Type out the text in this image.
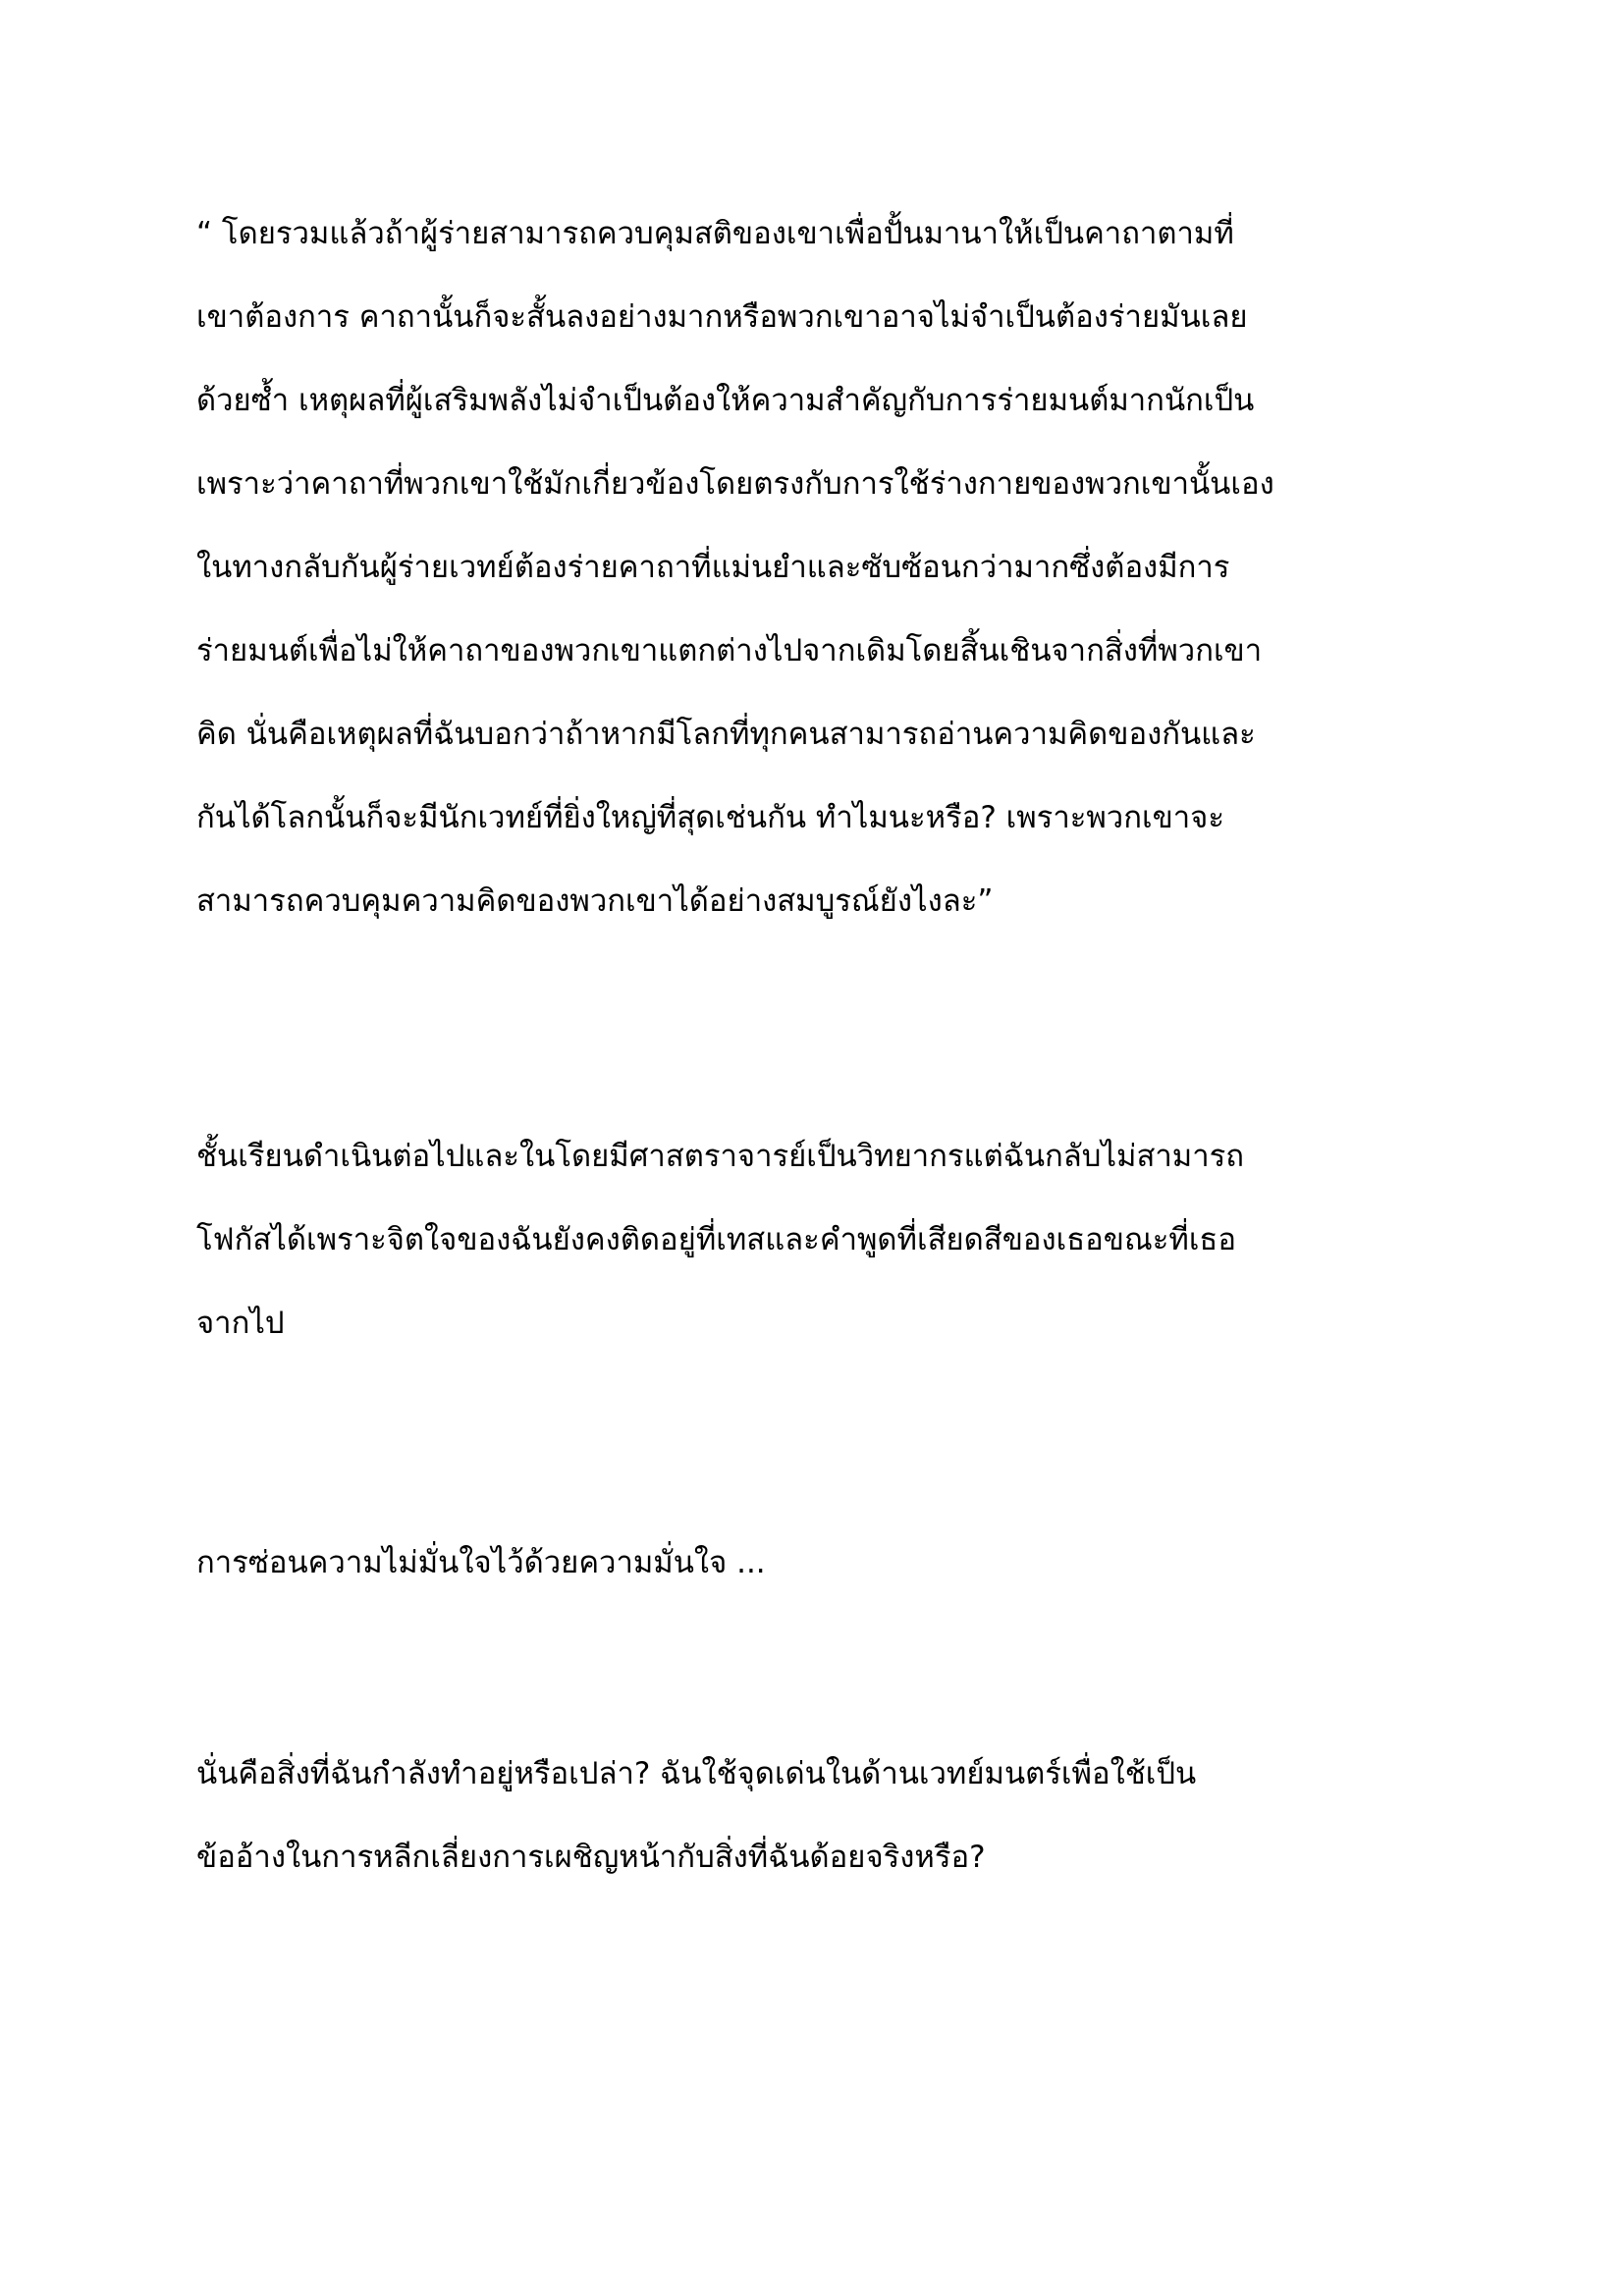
“ โดยรวมแล้วถ้าผู้ร่ายสามารถควบคุมสติของเขาเพื่อปั้นมานาให้เป็นคาถาตามที่
เขาต้องการ คาถานั้นก็จะสั้นลงอย่างมากหรือพวกเขาอาจไม่จำเป็นต้องร่ายมันเลย
ด้วยซ้ำ เหตุผลที่ผู้เสริมพลังไม่จำเป็นต้องให้ความสำคัญกับการร่ายมนต์มากนักเป็น
เพราะว่าคาถาที่พวกเขาใช้มักเกี่ยวข้องโดยตรงกับการใช้ร่างกายของพวกเขานั้นเอง
ในทางกลับกันผู้ร่ายเวทย์ต้องร่ายคาถาที่แม่นยำและซับซ้อนกว่ามากซึ่งต้องมีการ
ร่ายมนต์เพื่อไม่ให้คาถาของพวกเขาแตกต่างไปจากเดิมโดยสิ้นเชินจากสิ่งที่พวกเขา
คิด นั่นคือเหตุผลที่ฉันบอกว่าถ้าหากมีโลกที่ทุกคนสามารถอ่านความคิดของกันและ
กันได้โลกนั้นก็จะมีนักเวทย์ที่ยิ่งใหญ่ที่สุดเช่นกัน ทำไมนะหรือ? เพราะพวกเขาจะ
สามารถควบคุมความคิดของพวกเขาได้อย่างสมบูรณ์ยังไงละ”
ชั้นเรียนดำเนินต่อไปและในโดยมีศาสตราจารย์เป็นวิทยากรแต่ฉันกลับไม่สามารถ
โฟกัสได้เพราะจิตใจของฉันยังคงติดอยู่ที่เทสและคำพูดที่เสียดสีของเธอขณะที่เธอ
จากไป
การซ่อนความไม่มั่นใจไว้ด้วยความมั่นใจ ...
นั่นคือสิ่งที่ฉันกำลังทำอยู่หรือเปล่า? ฉันใช้จุดเด่นในด้านเวทย์มนตร์เพื่อใช้เป็น
ข้ออ้างในการหลีกเลี่ยงการเผชิญหน้ากับสิ่งที่ฉันด้อยจริงหรือ?
